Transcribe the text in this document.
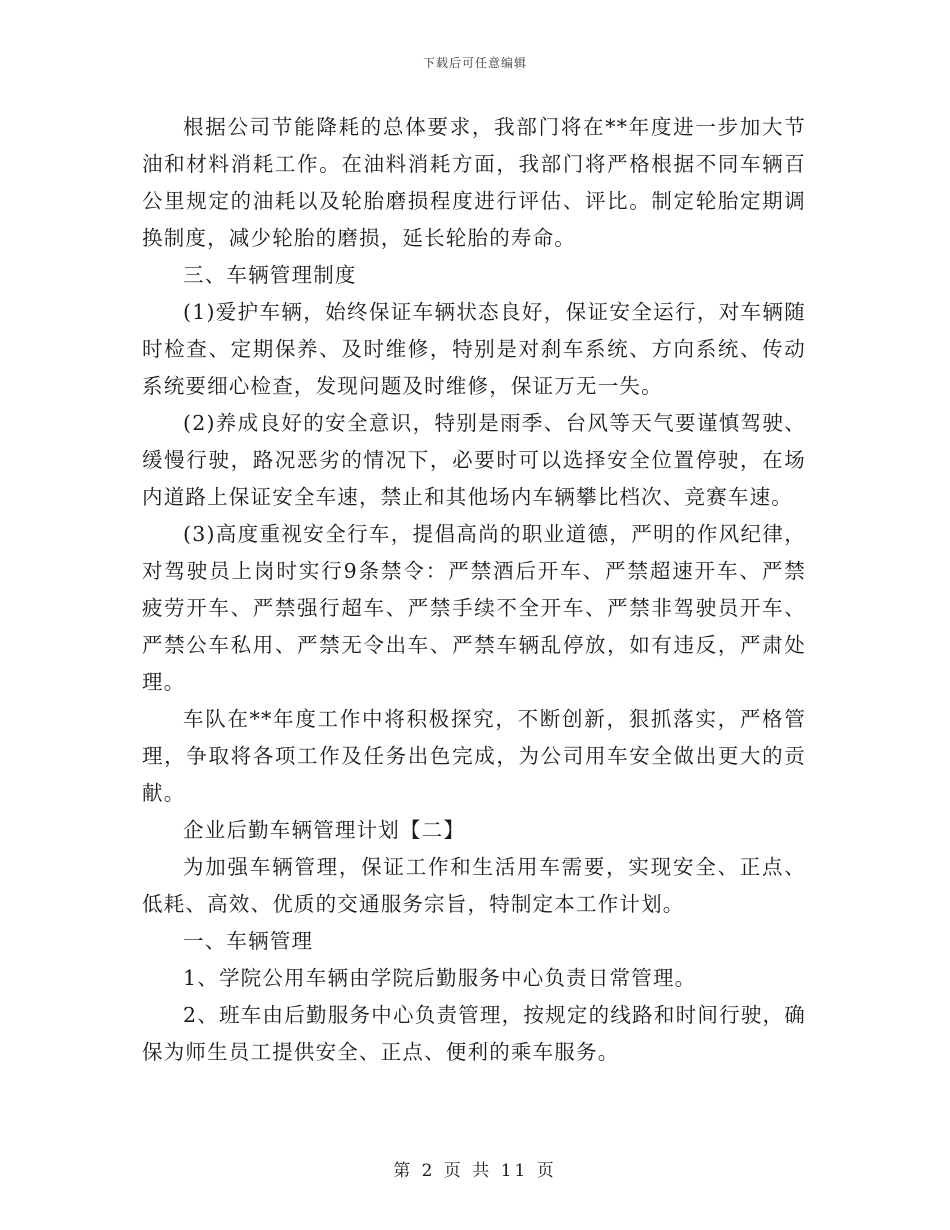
下载后可任意编辑

根据公司节能降耗的总体要求，我部门将在**年度进一步加大节油和材料消耗工作。在油料消耗方面，我部门将严格根据不同车辆百公里规定的油耗以及轮胎磨损程度进行评估、评比。制定轮胎定期调换制度，减少轮胎的磨损，延长轮胎的寿命。

三、车辆管理制度

(1)爱护车辆，始终保证车辆状态良好，保证安全运行，对车辆随时检查、定期保养、及时维修，特别是对刹车系统、方向系统、传动系统要细心检查，发现问题及时维修，保证万无一失。

(2)养成良好的安全意识，特别是雨季、台风等天气要谨慎驾驶、缓慢行驶，路况恶劣的情况下，必要时可以选择安全位置停驶，在场内道路上保证安全车速，禁止和其他场内车辆攀比档次、竞赛车速。

(3)高度重视安全行车，提倡高尚的职业道德，严明的作风纪律，对驾驶员上岗时实行9条禁令：严禁酒后开车、严禁超速开车、严禁疲劳开车、严禁强行超车、严禁手续不全开车、严禁非驾驶员开车、严禁公车私用、严禁无令出车、严禁车辆乱停放，如有违反，严肃处理。

车队在**年度工作中将积极探究，不断创新，狠抓落实，严格管理，争取将各项工作及任务出色完成，为公司用车安全做出更大的贡献。

企业后勤车辆管理计划【二】

为加强车辆管理，保证工作和生活用车需要，实现安全、正点、低耗、高效、优质的交通服务宗旨，特制定本工作计划。

一、车辆管理

1、学院公用车辆由学院后勤服务中心负责日常管理。

2、班车由后勤服务中心负责管理，按规定的线路和时间行驶，确保为师生员工提供安全、正点、便利的乘车服务。

第 2 页 共 11 页
